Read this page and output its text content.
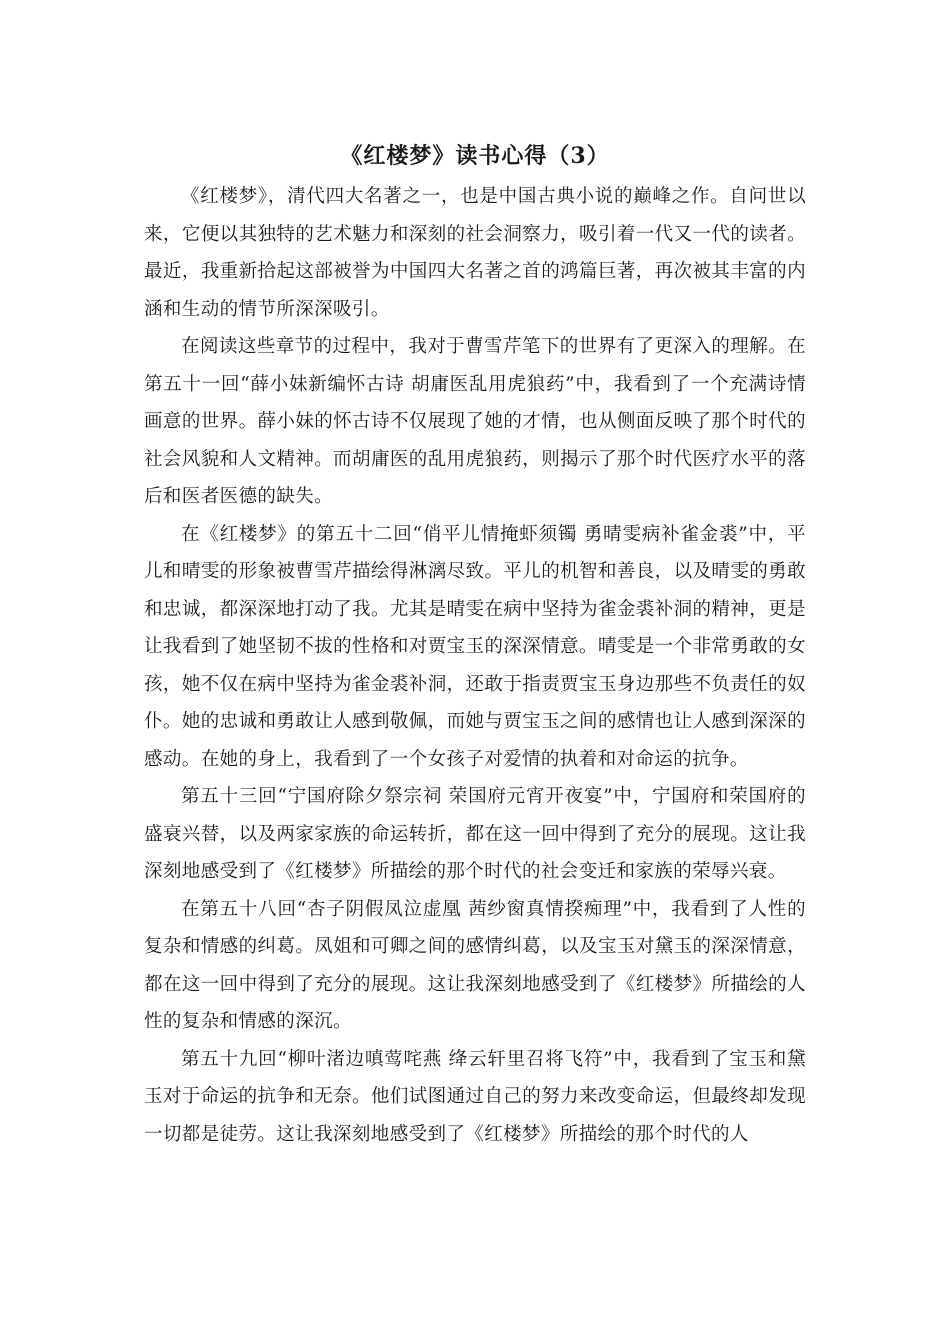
《红楼梦》读书心得（3）

《红楼梦》，清代四大名著之一，也是中国古典小说的巅峰之作。自问世以来，它便以其独特的艺术魅力和深刻的社会洞察力，吸引着一代又一代的读者。最近，我重新拾起这部被誉为中国四大名著之首的鸿篇巨著，再次被其丰富的内涵和生动的情节所深深吸引。

在阅读这些章节的过程中，我对于曹雪芹笔下的世界有了更深入的理解。在第五十一回“薛小妹新编怀古诗 胡庸医乱用虎狼药”中，我看到了一个充满诗情画意的世界。薛小妹的怀古诗不仅展现了她的才情，也从侧面反映了那个时代的社会风貌和人文精神。而胡庸医的乱用虎狼药，则揭示了那个时代医疗水平的落后和医者医德的缺失。

在《红楼梦》的第五十二回“俏平儿情掩虾须镯 勇晴雯病补雀金裘”中，平儿和晴雯的形象被曹雪芹描绘得淋漓尽致。平儿的机智和善良，以及晴雯的勇敢和忠诚，都深深地打动了我。尤其是晴雯在病中坚持为雀金裘补洞的精神，更是让我看到了她坚韧不拔的性格和对贾宝玉的深深情意。晴雯是一个非常勇敢的女孩，她不仅在病中坚持为雀金裘补洞，还敢于指责贾宝玉身边那些不负责任的奴仆。她的忠诚和勇敢让人感到敬佩，而她与贾宝玉之间的感情也让人感到深深的感动。在她的身上，我看到了一个女孩子对爱情的执着和对命运的抗争。

第五十三回“宁国府除夕祭宗祠 荣国府元宵开夜宴”中，宁国府和荣国府的盛衰兴替，以及两家家族的命运转折，都在这一回中得到了充分的展现。这让我深刻地感受到了《红楼梦》所描绘的那个时代的社会变迁和家族的荣辱兴衰。

在第五十八回“杏子阴假凤泣虚凰 茜纱窗真情揆痴理”中，我看到了人性的复杂和情感的纠葛。凤姐和可卿之间的感情纠葛，以及宝玉对黛玉的深深情意，都在这一回中得到了充分的展现。这让我深刻地感受到了《红楼梦》所描绘的人性的复杂和情感的深沉。

第五十九回“柳叶渚边嗔莺咤燕 绛云轩里召将飞符”中，我看到了宝玉和黛玉对于命运的抗争和无奈。他们试图通过自己的努力来改变命运，但最终却发现一切都是徒劳。这让我深刻地感受到了《红楼梦》所描绘的那个时代的人
